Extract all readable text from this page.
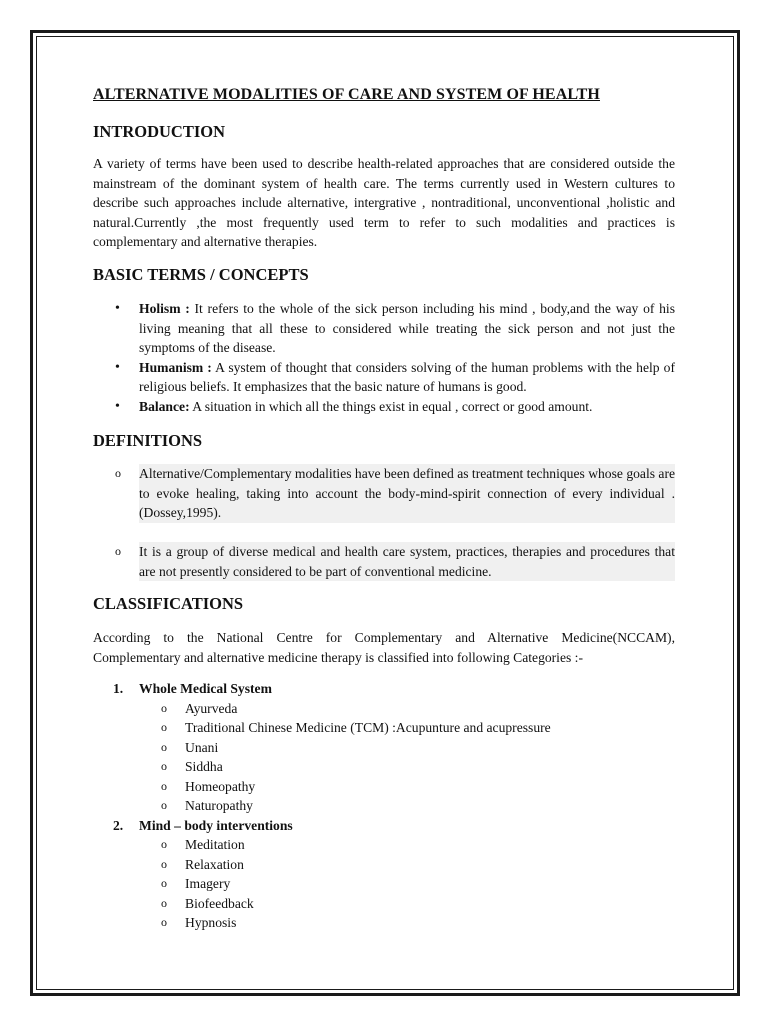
ALTERNATIVE MODALITIES OF CARE AND SYSTEM OF HEALTH
INTRODUCTION

A variety of terms have been used to describe health-related approaches that are considered outside the mainstream of the dominant system of health care. The terms currently used in Western cultures to describe such approaches include alternative, intergrative , nontraditional, unconventional ,holistic and natural.Currently ,the most frequently used term to refer to such modalities and practices is complementary and alternative therapies.

BASIC TERMS / CONCEPTS
• Holism : It refers to the whole of the sick person including his mind , body,and the way of his living meaning that all these to considered while treating the sick person and not just the symptoms of the disease.
• Humanism : A system of thought that considers solving of the human problems with the help of religious beliefs. It emphasizes that the basic nature of humans is good.
• Balance: A situation in which all the things exist in equal , correct or good amount.
DEFINITIONS
o Alternative/Complementary modalities have been defined as treatment techniques whose goals are to evoke healing, taking into account the body-mind-spirit connection of every individual . (Dossey,1995).
o It is a group of diverse medical and health care system, practices, therapies and procedures that are not presently considered to be part of conventional medicine.
CLASSIFICATIONS

According to the National Centre for Complementary and Alternative Medicine(NCCAM), Complementary and alternative medicine therapy is classified into following Categories :-

1. Whole Medical System
o Ayurveda
o Traditional Chinese Medicine (TCM) :Acupunture and acupressure
o Unani
o Siddha
o Homeopathy
o Naturopathy
2. Mind – body interventions
o Meditation
o Relaxation
o Imagery
o Biofeedback
o Hypnosis
